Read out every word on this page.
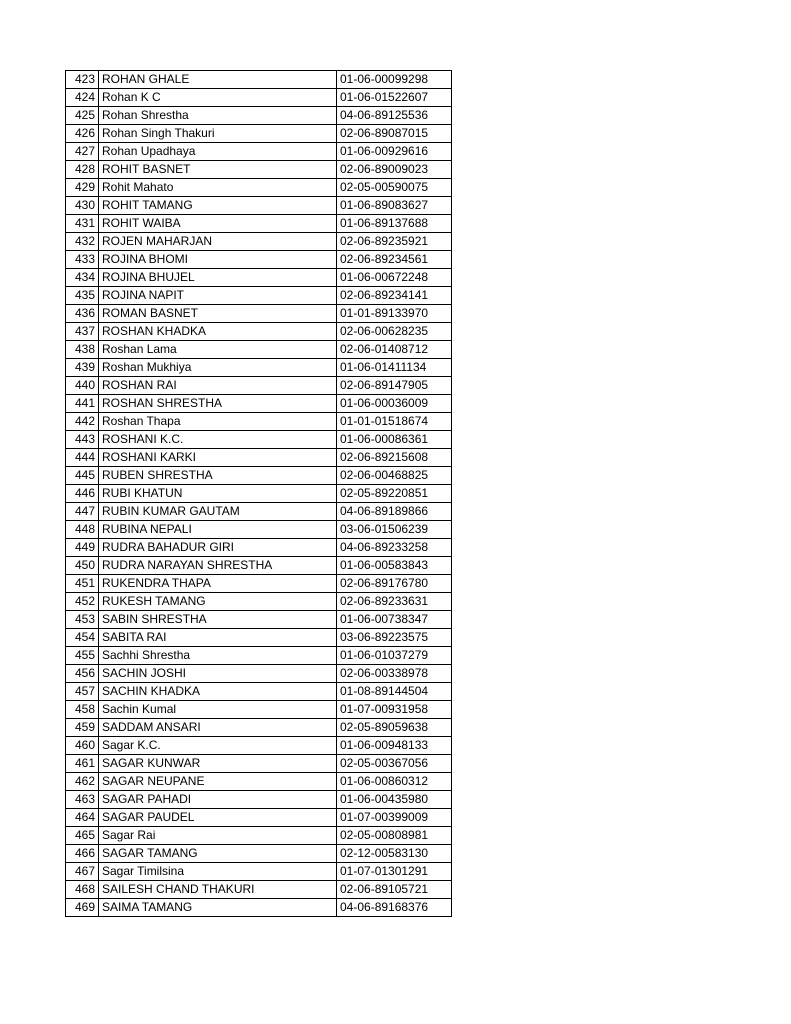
423	ROHAN GHALE	01-06-00099298
424	Rohan K C	01-06-01522607
425	Rohan Shrestha	04-06-89125536
426	Rohan Singh Thakuri	02-06-89087015
427	Rohan Upadhaya	01-06-00929616
428	ROHIT BASNET	02-06-89009023
429	Rohit Mahato	02-05-00590075
430	ROHIT TAMANG	01-06-89083627
431	ROHIT WAIBA	01-06-89137688
432	ROJEN MAHARJAN	02-06-89235921
433	ROJINA BHOMI	02-06-89234561
434	ROJINA BHUJEL	01-06-00672248
435	ROJINA NAPIT	02-06-89234141
436	ROMAN BASNET	01-01-89133970
437	ROSHAN KHADKA	02-06-00628235
438	Roshan Lama	02-06-01408712
439	Roshan Mukhiya	01-06-01411134
440	ROSHAN RAI	02-06-89147905
441	ROSHAN SHRESTHA	01-06-00036009
442	Roshan Thapa	01-01-01518674
443	ROSHANI K.C.	01-06-00086361
444	ROSHANI KARKI	02-06-89215608
445	RUBEN SHRESTHA	02-06-00468825
446	RUBI KHATUN	02-05-89220851
447	RUBIN KUMAR GAUTAM	04-06-89189866
448	RUBINA NEPALI	03-06-01506239
449	RUDRA BAHADUR GIRI	04-06-89233258
450	RUDRA NARAYAN SHRESTHA	01-06-00583843
451	RUKENDRA THAPA	02-06-89176780
452	RUKESH TAMANG	02-06-89233631
453	SABIN SHRESTHA	01-06-00738347
454	SABITA RAI	03-06-89223575
455	Sachhi Shrestha	01-06-01037279
456	SACHIN JOSHI	02-06-00338978
457	SACHIN KHADKA	01-08-89144504
458	Sachin Kumal	01-07-00931958
459	SADDAM ANSARI	02-05-89059638
460	Sagar K.C.	01-06-00948133
461	SAGAR KUNWAR	02-05-00367056
462	SAGAR NEUPANE	01-06-00860312
463	SAGAR PAHADI	01-06-00435980
464	SAGAR PAUDEL	01-07-00399009
465	Sagar Rai	02-05-00808981
466	SAGAR TAMANG	02-12-00583130
467	Sagar Timilsina	01-07-01301291
468	SAILESH CHAND THAKURI	02-06-89105721
469	SAIMA TAMANG	04-06-89168376
